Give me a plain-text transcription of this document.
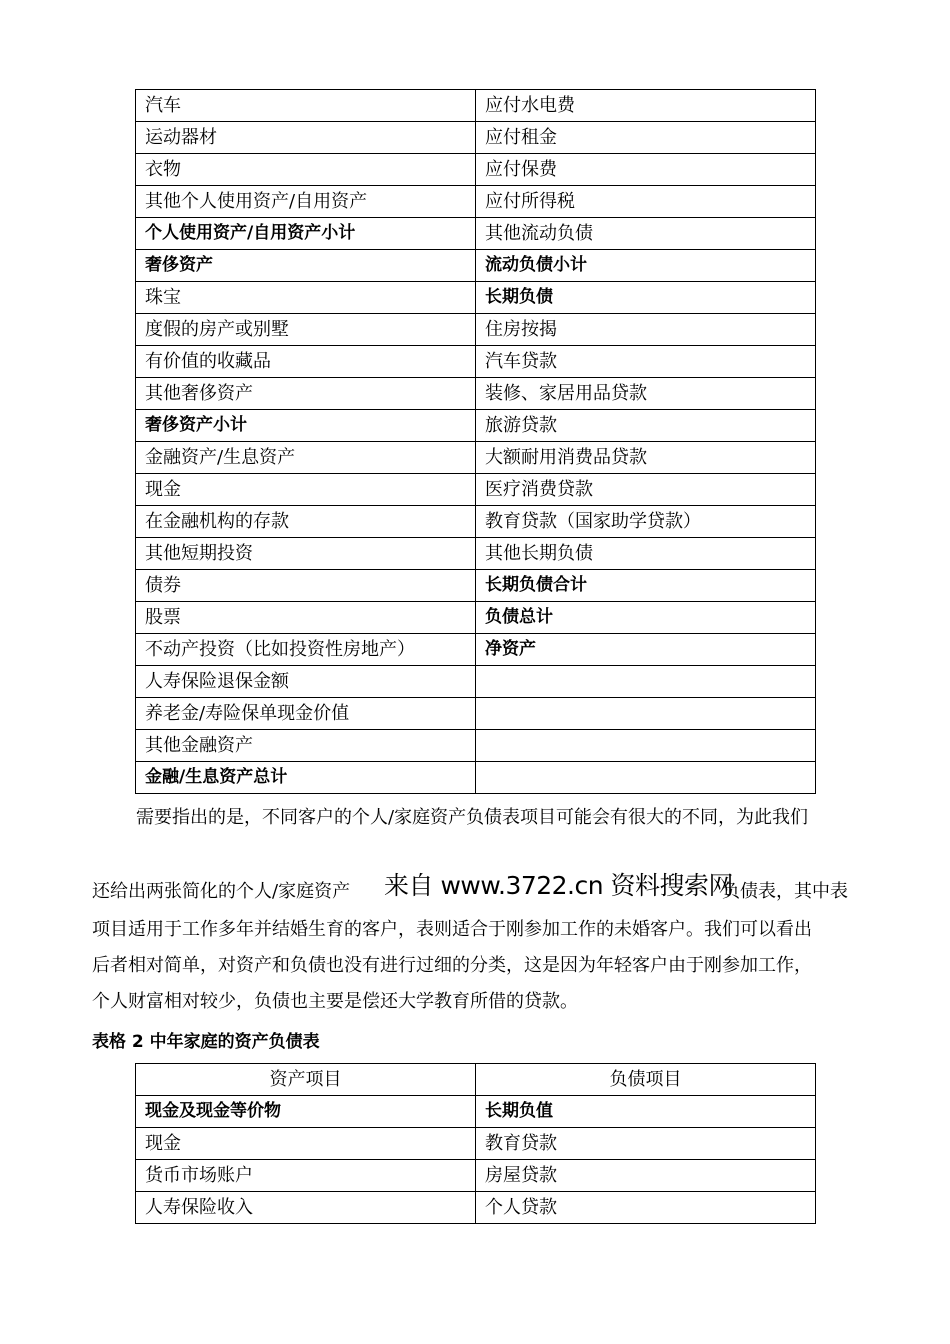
汽车	应付水电费
运动器材	应付租金
衣物	应付保费
其他个人使用资产/自用资产	应付所得税
个人使用资产/自用资产小计	其他流动负债
奢侈资产	流动负债小计
珠宝	长期负债
度假的房产或别墅	住房按揭
有价值的收藏品	汽车贷款
其他奢侈资产	装修、家居用品贷款
奢侈资产小计	旅游贷款
金融资产/生息资产	大额耐用消费品贷款
现金	医疗消费贷款
在金融机构的存款	教育贷款（国家助学贷款）
其他短期投资	其他长期负债
债券	长期负债合计
股票	负债总计
不动产投资（比如投资性房地产）	净资产
人寿保险退保金额	
养老金/寿险保单现金价值	
其他金融资产	
金融/生息资产总计	
需要指出的是，不同客户的个人/家庭资产负债表项目可能会有很大的不同，为此我们
还给出两张简化的个人/家庭资产 来自 www.3722.cn 资料搜索网
负债表，其中表
项目适用于工作多年并结婚生育的客户，表则适合于刚参加工作的未婚客户。我们可以看出
后者相对简单，对资产和负债也没有进行过细的分类，这是因为年轻客户由于刚参加工作，
个人财富相对较少，负债也主要是偿还大学教育所借的贷款。
表格 2 中年家庭的资产负债表
资产项目	负债项目
现金及现金等价物	长期负值
现金	教育贷款
货币市场账户	房屋贷款
人寿保险收入	个人贷款
